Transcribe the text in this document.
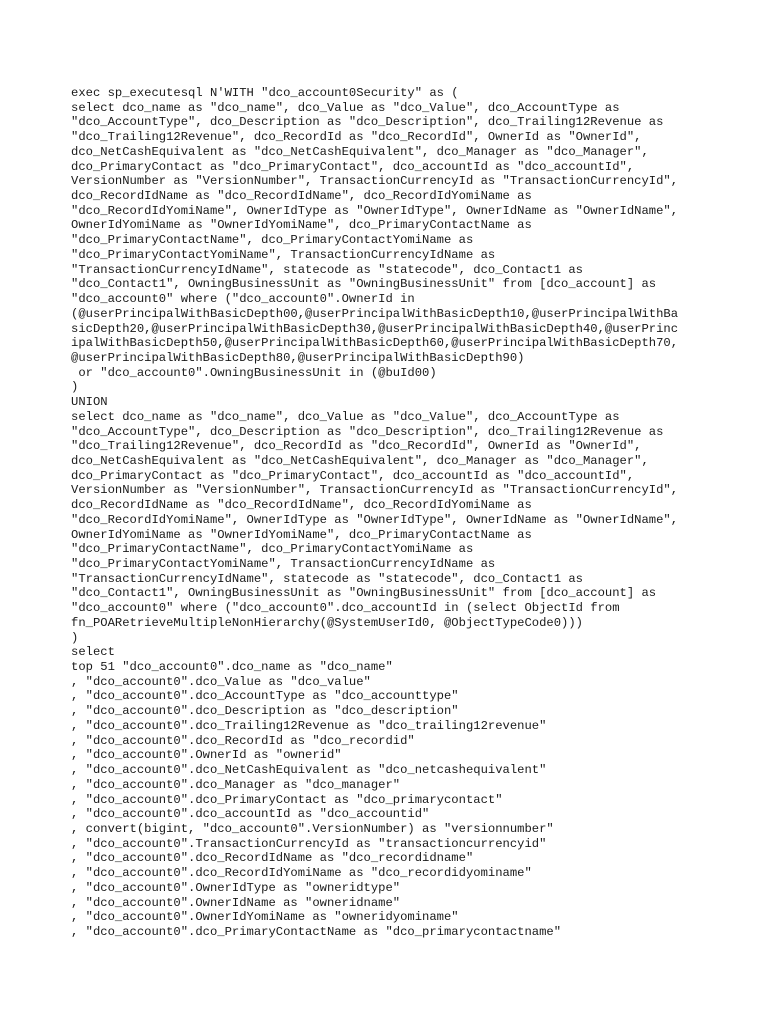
exec sp_executesql N'WITH "dco_account0Security" as (
select dco_name as "dco_name", dco_Value as "dco_Value", dco_AccountType as
"dco_AccountType", dco_Description as "dco_Description", dco_Trailing12Revenue as
"dco_Trailing12Revenue", dco_RecordId as "dco_RecordId", OwnerId as "OwnerId",
dco_NetCashEquivalent as "dco_NetCashEquivalent", dco_Manager as "dco_Manager",
dco_PrimaryContact as "dco_PrimaryContact", dco_accountId as "dco_accountId",
VersionNumber as "VersionNumber", TransactionCurrencyId as "TransactionCurrencyId",
dco_RecordIdName as "dco_RecordIdName", dco_RecordIdYomiName as
"dco_RecordIdYomiName", OwnerIdType as "OwnerIdType", OwnerIdName as "OwnerIdName",
OwnerIdYomiName as "OwnerIdYomiName", dco_PrimaryContactName as
"dco_PrimaryContactName", dco_PrimaryContactYomiName as
"dco_PrimaryContactYomiName", TransactionCurrencyIdName as
"TransactionCurrencyIdName", statecode as "statecode", dco_Contact1 as
"dco_Contact1", OwningBusinessUnit as "OwningBusinessUnit" from [dco_account] as
"dco_account0" where ("dco_account0".OwnerId in
(@userPrincipalWithBasicDepth00,@userPrincipalWithBasicDepth10,@userPrincipalWithBa
sicDepth20,@userPrincipalWithBasicDepth30,@userPrincipalWithBasicDepth40,@userPrinc
ipalWithBasicDepth50,@userPrincipalWithBasicDepth60,@userPrincipalWithBasicDepth70,
@userPrincipalWithBasicDepth80,@userPrincipalWithBasicDepth90)
or "dco_account0".OwningBusinessUnit in (@buId00)
)
UNION
select dco_name as "dco_name", dco_Value as "dco_Value", dco_AccountType as
"dco_AccountType", dco_Description as "dco_Description", dco_Trailing12Revenue as
"dco_Trailing12Revenue", dco_RecordId as "dco_RecordId", OwnerId as "OwnerId",
dco_NetCashEquivalent as "dco_NetCashEquivalent", dco_Manager as "dco_Manager",
dco_PrimaryContact as "dco_PrimaryContact", dco_accountId as "dco_accountId",
VersionNumber as "VersionNumber", TransactionCurrencyId as "TransactionCurrencyId",
dco_RecordIdName as "dco_RecordIdName", dco_RecordIdYomiName as
"dco_RecordIdYomiName", OwnerIdType as "OwnerIdType", OwnerIdName as "OwnerIdName",
OwnerIdYomiName as "OwnerIdYomiName", dco_PrimaryContactName as
"dco_PrimaryContactName", dco_PrimaryContactYomiName as
"dco_PrimaryContactYomiName", TransactionCurrencyIdName as
"TransactionCurrencyIdName", statecode as "statecode", dco_Contact1 as
"dco_Contact1", OwningBusinessUnit as "OwningBusinessUnit" from [dco_account] as
"dco_account0" where ("dco_account0".dco_accountId in (select ObjectId from
fn_POARetrieveMultipleNonHierarchy(@SystemUserId0, @ObjectTypeCode0)))
)
select
top 51 "dco_account0".dco_name as "dco_name"
, "dco_account0".dco_Value as "dco_value"
, "dco_account0".dco_AccountType as "dco_accounttype"
, "dco_account0".dco_Description as "dco_description"
, "dco_account0".dco_Trailing12Revenue as "dco_trailing12revenue"
, "dco_account0".dco_RecordId as "dco_recordid"
, "dco_account0".OwnerId as "ownerid"
, "dco_account0".dco_NetCashEquivalent as "dco_netcashequivalent"
, "dco_account0".dco_Manager as "dco_manager"
, "dco_account0".dco_PrimaryContact as "dco_primarycontact"
, "dco_account0".dco_accountId as "dco_accountid"
, convert(bigint, "dco_account0".VersionNumber) as "versionnumber"
, "dco_account0".TransactionCurrencyId as "transactioncurrencyid"
, "dco_account0".dco_RecordIdName as "dco_recordidname"
, "dco_account0".dco_RecordIdYomiName as "dco_recordidyominame"
, "dco_account0".OwnerIdType as "owneridtype"
, "dco_account0".OwnerIdName as "owneridname"
, "dco_account0".OwnerIdYomiName as "owneridyominame"
, "dco_account0".dco_PrimaryContactName as "dco_primarycontactname"
